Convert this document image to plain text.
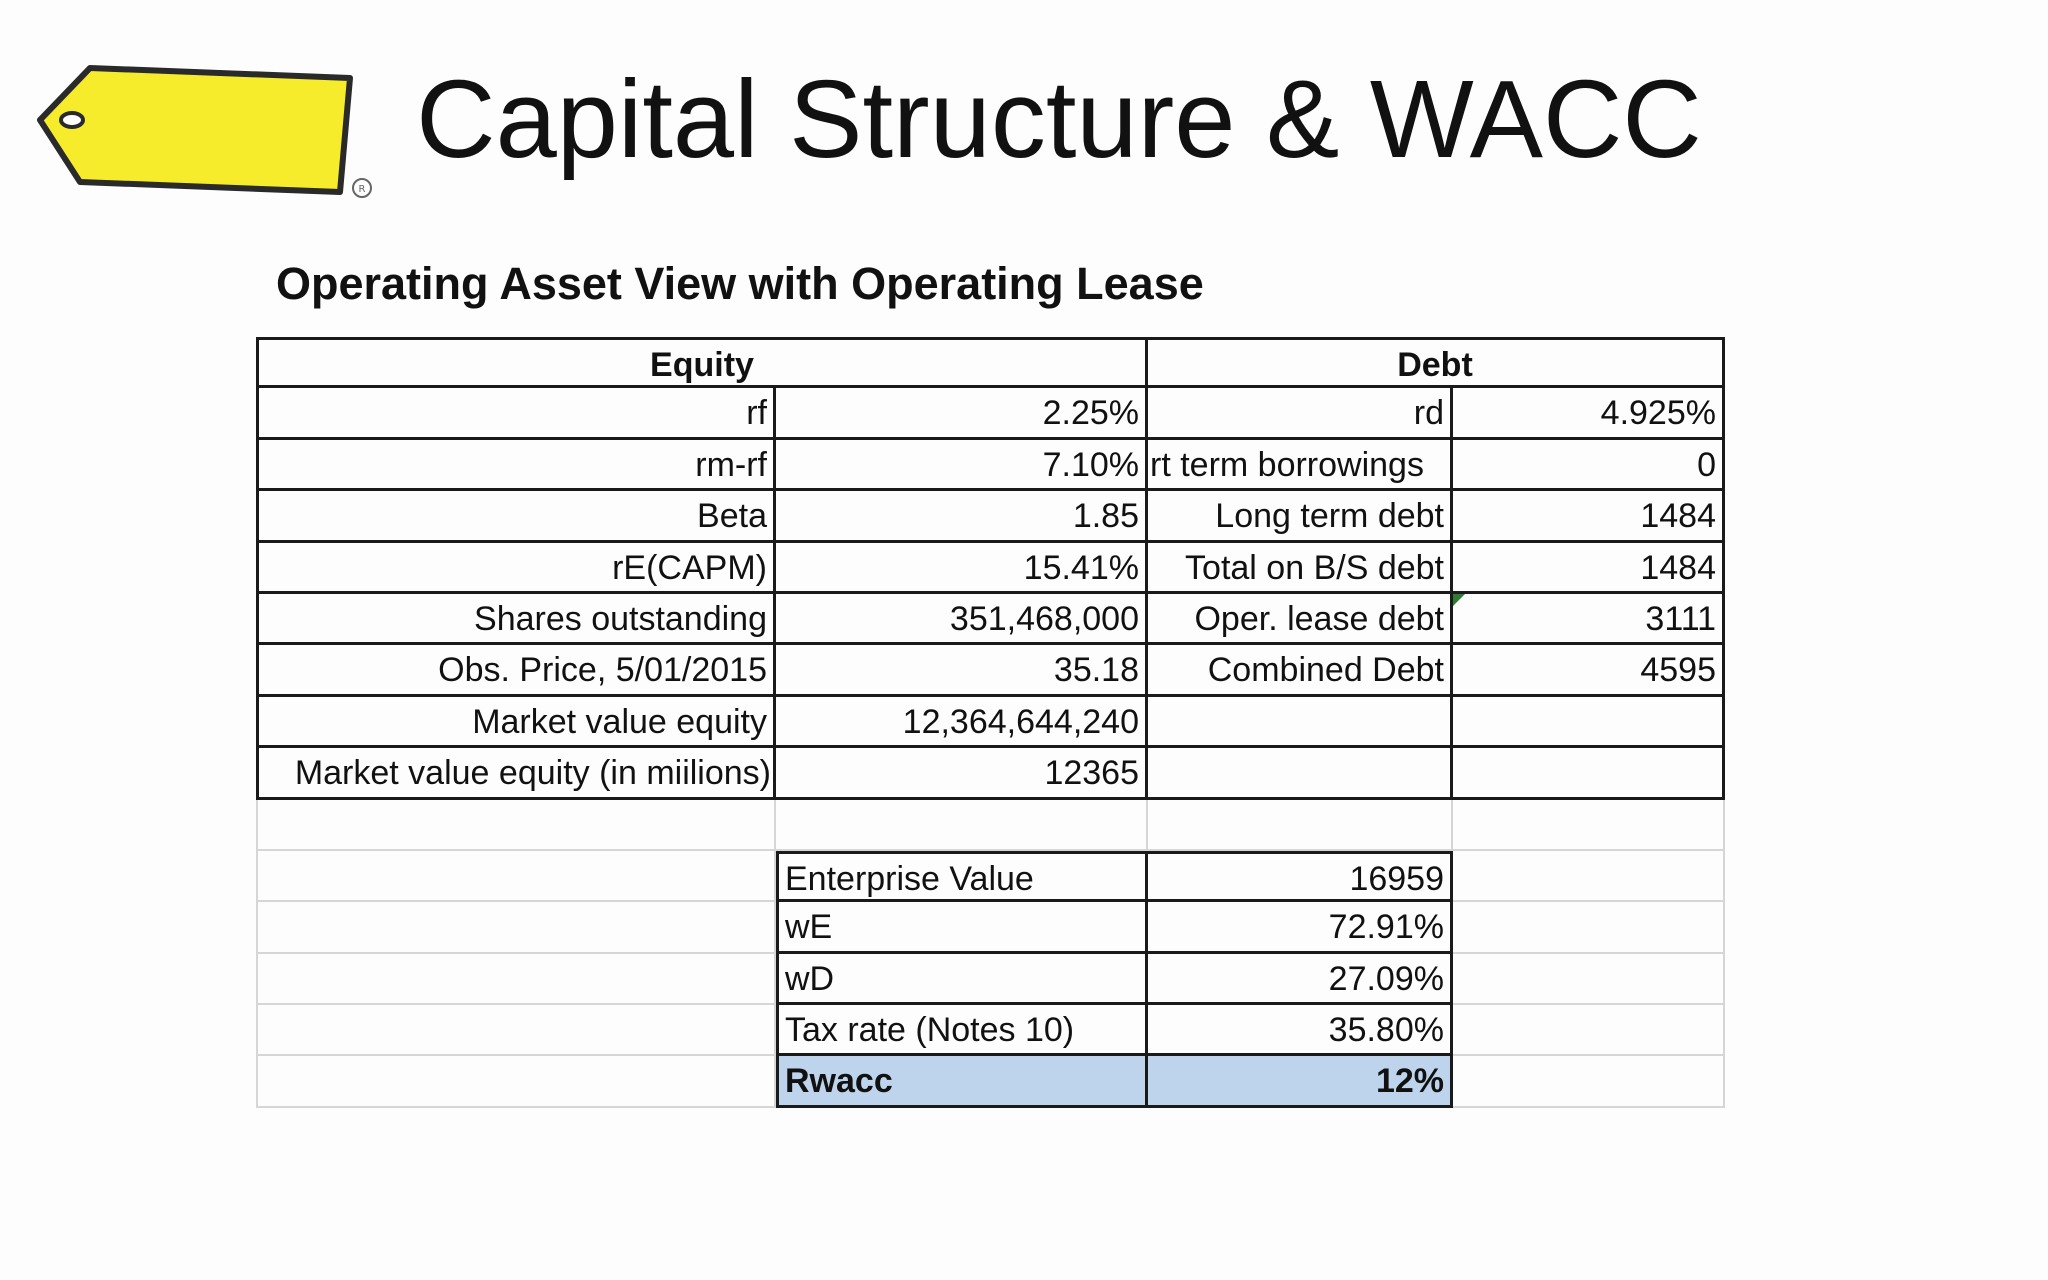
R
Capital Structure & WACC
Operating Asset View with Operating Lease
Equity	Debt
rf	2.25%	rd	4.925%
rm-rf	7.10% rt term borrowings	0
Beta	1.85	Long term debt	1484
rE(CAPM)	15.41%	Total on B/S debt	1484
Shares outstanding	351,468,000	Oper. lease debt	3111
Obs. Price, 5/01/2015	35.18	Combined Debt	4595
Market value equity	12,364,644,240
Market value equity (in miilions)	12365
Enterprise Value	16959
wE	72.91%
wD	27.09%
Tax rate (Notes 10)	35.80%
Rwacc	12%
